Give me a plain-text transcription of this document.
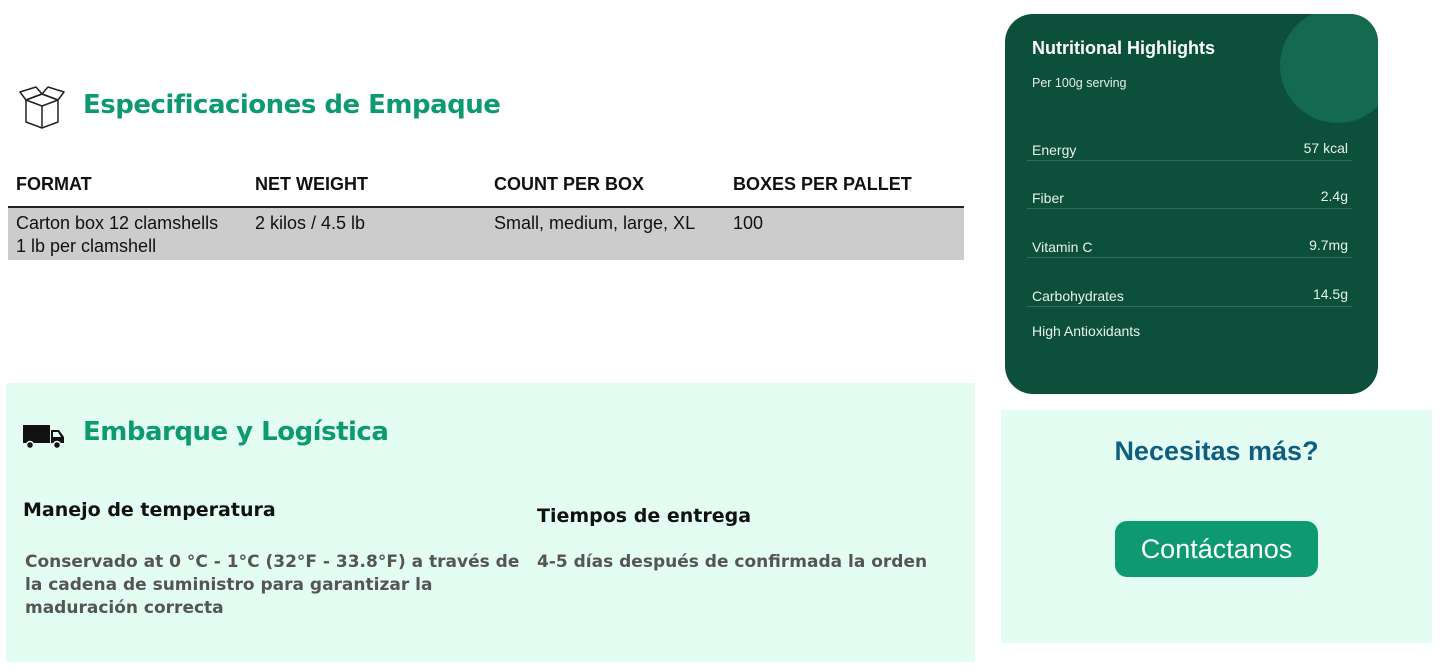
Especificaciones de Empaque
FORMAT	NET WEIGHT	COUNT PER BOX	BOXES PER PALLET
Carton box 12 clamshells
1 lb per clamshell
2 kilos / 4.5 lb	Small, medium, large, XL	100
Embarque y Logística
Manejo de temperatura
Conservado at 0 °C - 1°C (32°F - 33.8°F) a través de
la cadena de suministro para garantizar la
maduración correcta
Tiempos de entrega
4-5 días después de confirmada la orden
Nutritional Highlights
Per 100g serving
Energy	57 kcal
Fiber	2.4g
Vitamin C	9.7mg
Carbohydrates	14.5g
High Antioxidants
Necesitas más?
Contáctanos
